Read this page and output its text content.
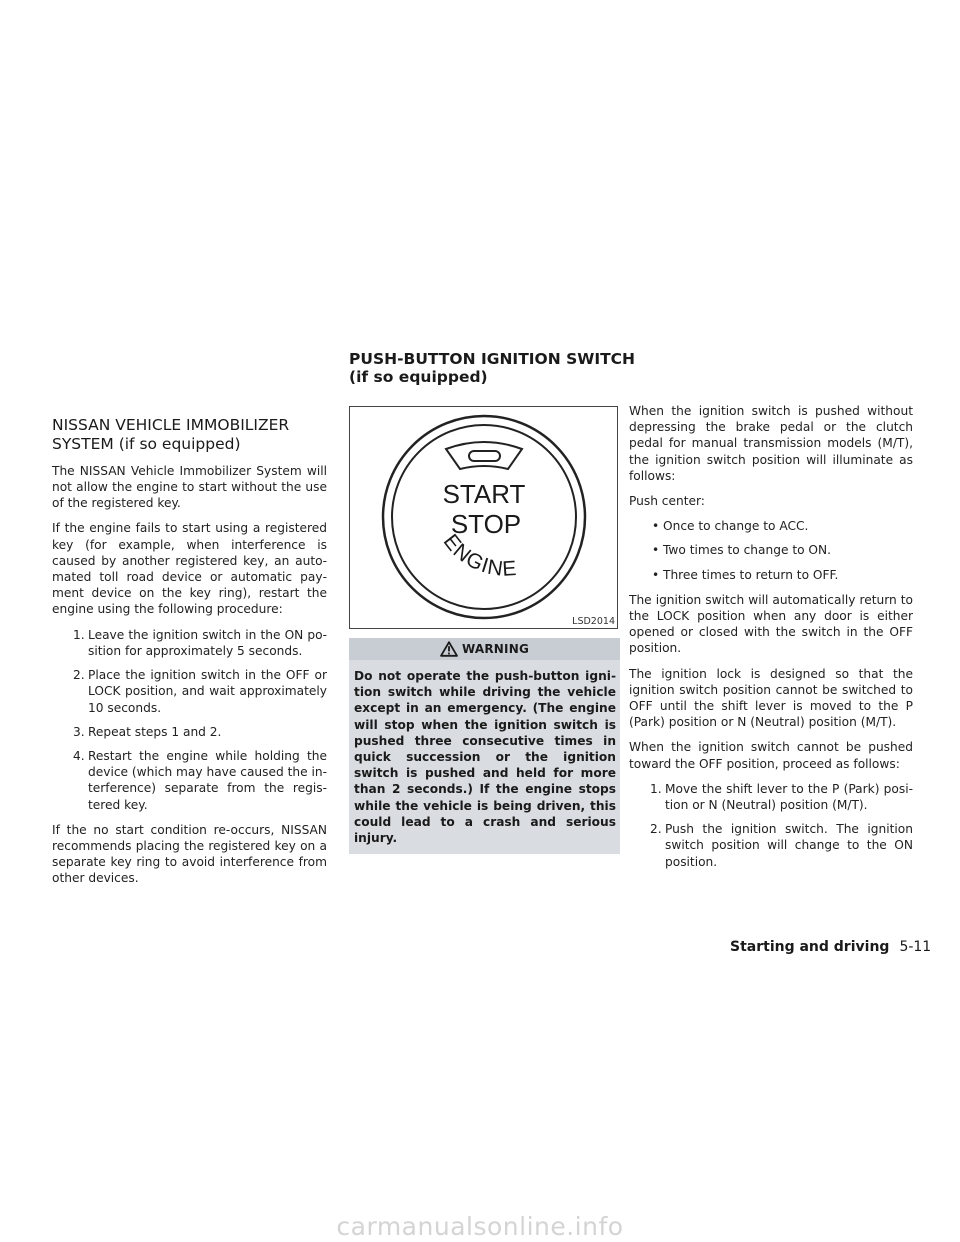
PUSH-BUTTON IGNITION SWITCH (if so equipped)
NISSAN VEHICLE IMMOBILIZER SYSTEM (if so equipped)

The NISSAN Vehicle Immobilizer System will not allow the engine to start without the use of the registered key.

If the engine fails to start using a registered key (for example, when interference is caused by another registered key, an automated toll road device or automatic payment device on the key ring), restart the engine using the following procedure:

1. Leave the ignition switch in the ON position for approximately 5 seconds.
2. Place the ignition switch in the OFF or LOCK position, and wait approximately 10 seconds.
3. Repeat steps 1 and 2.
4. Restart the engine while holding the device (which may have caused the interference) separate from the registered key.

If the no start condition re-occurs, NISSAN recommends placing the registered key on a separate key ring to avoid interference from other devices.

START
STOP
ENGINE
LSD2014
WARNING

Do not operate the push-button ignition switch while driving the vehicle except in an emergency. (The engine will stop when the ignition switch is pushed three consecutive times in quick succession or the ignition switch is pushed and held for more than 2 seconds.) If the engine stops while the vehicle is being driven, this could lead to a crash and serious injury.

When the ignition switch is pushed without depressing the brake pedal or the clutch pedal for manual transmission models (M/T), the ignition switch position will illuminate as follows:

Push center:

• Once to change to ACC.
• Two times to change to ON.
• Three times to return to OFF.

The ignition switch will automatically return to the LOCK position when any door is either opened or closed with the switch in the OFF position.

The ignition lock is designed so that the ignition switch position cannot be switched to OFF until the shift lever is moved to the P (Park) position or N (Neutral) position (M/T).

When the ignition switch cannot be pushed toward the OFF position, proceed as follows:

1. Move the shift lever to the P (Park) position or N (Neutral) position (M/T).
2. Push the ignition switch. The ignition switch position will change to the ON position.
Starting and driving 5-11
carmanualsonline.info
